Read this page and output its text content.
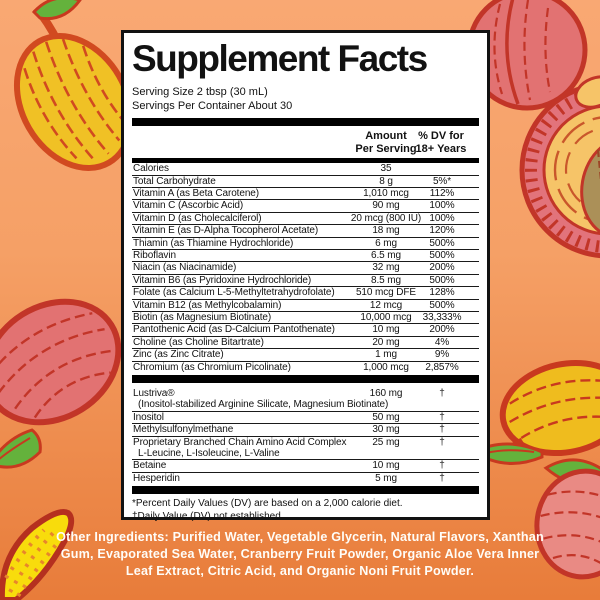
Supplement Facts
Serving Size 2 tbsp (30 mL)
Servings Per Container About 30
Amount
Per Serving
% DV for
18+ Years
Calories	35
Total Carbohydrate	8 g	5%*
Vitamin A (as Beta Carotene)	1,010 mcg	112%
Vitamin C (Ascorbic Acid)	90 mg	100%
Vitamin D (as Cholecalciferol)	20 mcg (800 IU) 100%
Vitamin E (as D-Alpha Tocopherol Acetate)	18 mg	120%
Thiamin (as Thiamine Hydrochloride)	6 mg	500%
Riboflavin	6.5 mg	500%
Niacin (as Niacinamide)	32 mg	200%
Vitamin B6 (as Pyridoxine Hydrochloride)	8.5 mg	500%
Folate (as Calcium L-5-Methyltetrahydrofolate)	510 mcg DFE	128%
Vitamin B12 (as Methylcobalamin)	12 mcg	500%
Biotin (as Magnesium Biotinate)	10,000 mcg	33,333%
Pantothenic Acid (as D-Calcium Pantothenate)	10 mg	200%
Choline (as Choline Bitartrate)	20 mg	4%
Zinc (as Zinc Citrate)	1 mg	9%
Chromium (as Chromium Picolinate)	1,000 mcg	2,857%
Lustriva®	160 mg	†
(Inositol-stabilized Arginine Silicate, Magnesium Biotinate)
Inositol	50 mg	†
Methylsulfonylmethane	30 mg	†
Proprietary Branched Chain Amino Acid Complex	25 mg	†
L-Leucine, L-Isoleucine, L-Valine
Betaine	10 mg	†
Hesperidin	5 mg	†
*Percent Daily Values (DV) are based on a 2,000 calorie diet.
†Daily Value (DV) not established.
Other Ingredients: Purified Water, Vegetable Glycerin, Natural Flavors, Xanthan Gum, Evaporated Sea Water, Cranberry Fruit Powder, Organic Aloe Vera Inner Leaf Extract, Citric Acid, and Organic Noni Fruit Powder.
